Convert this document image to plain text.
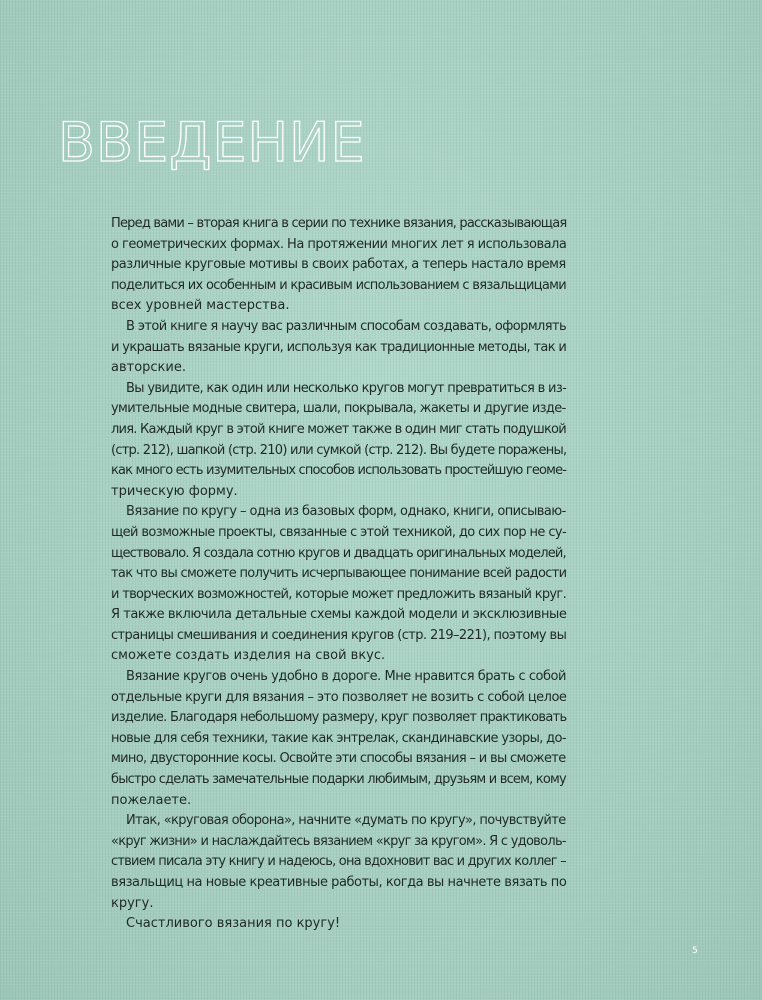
ВВЕДЕНИЕ
Перед вами – вторая книга в серии по технике вязания, рассказывающая
о геометрических формах. На протяжении многих лет я использовала
различные круговые мотивы в своих работах, а теперь настало время
поделиться их особенным и красивым использованием с вязальщицами
всех уровней мастерства.
В этой книге я научу вас различным способам создавать, оформлять
и украшать вязаные круги, используя как традиционные методы, так и
авторские.
Вы увидите, как один или несколько кругов могут превратиться в из-
умительные модные свитера, шали, покрывала, жакеты и другие изде-
лия. Каждый круг в этой книге может также в один миг стать подушкой
(стр. 212), шапкой (стр. 210) или сумкой (стр. 212). Вы будете поражены,
как много есть изумительных способов использовать простейшую геоме-
трическую форму.
Вязание по кругу – одна из базовых форм, однако, книги, описываю-
щей возможные проекты, связанные с этой техникой, до сих пор не су-
ществовало. Я создала сотню кругов и двадцать оригинальных моделей,
так что вы сможете получить исчерпывающее понимание всей радости
и творческих возможностей, которые может предложить вязаный круг.
Я также включила детальные схемы каждой модели и эксклюзивные
страницы смешивания и соединения кругов (стр. 219–221), поэтому вы
сможете создать изделия на свой вкус.
Вязание кругов очень удобно в дороге. Мне нравится брать с собой
отдельные круги для вязания – это позволяет не возить с собой целое
изделие. Благодаря небольшому размеру, круг позволяет практиковать
новые для себя техники, такие как энтрелак, скандинавские узоры, до-
мино, двусторонние косы. Освойте эти способы вязания – и вы сможете
быстро сделать замечательные подарки любимым, друзьям и всем, кому
пожелаете.
Итак, «круговая оборона», начните «думать по кругу», почувствуйте
«круг жизни» и наслаждайтесь вязанием «круг за кругом». Я с удоволь-
ствием писала эту книгу и надеюсь, она вдохновит вас и других коллег –
вязальщиц на новые креативные работы, когда вы начнете вязать по
кругу.
Счастливого вязания по кругу!
5
